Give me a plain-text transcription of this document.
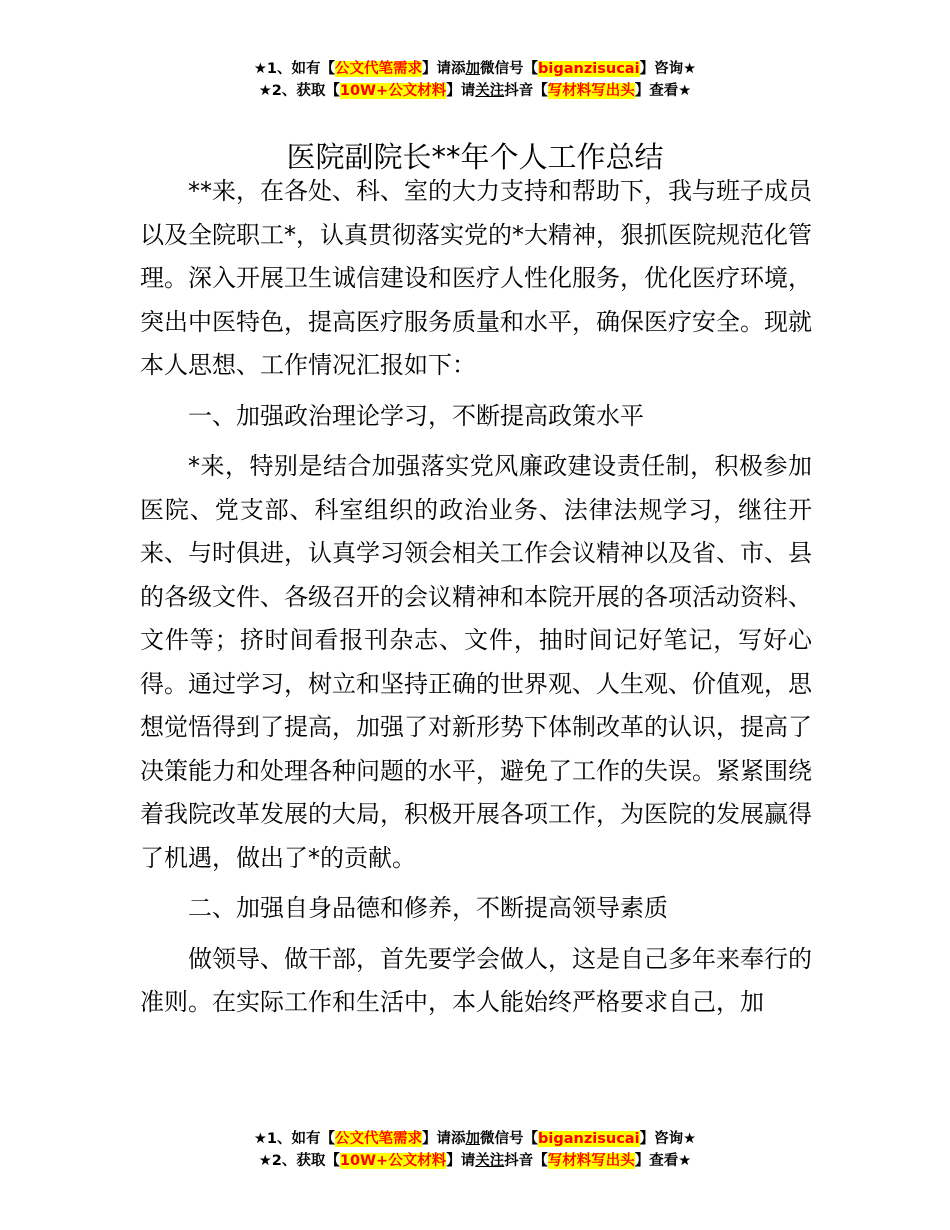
★1、如有【公文代笔需求】请添加微信号【biganzisucai】咨询★
★2、获取【10W+公文材料】请关注抖音【写材料写出头】查看★
医院副院长**年个人工作总结

**来，在各处、科、室的大力支持和帮助下，我与班子成员以及全院职工*，认真贯彻落实党的*大精神，狠抓医院规范化管理。深入开展卫生诚信建设和医疗人性化服务，优化医疗环境，突出中医特色，提高医疗服务质量和水平，确保医疗安全。现就本人思想、工作情况汇报如下：

一、加强政治理论学习，不断提高政策水平

*来，特别是结合加强落实党风廉政建设责任制，积极参加医院、党支部、科室组织的政治业务、法律法规学习，继往开来、与时俱进，认真学习领会相关工作会议精神以及省、市、县的各级文件、各级召开的会议精神和本院开展的各项活动资料、文件等；挤时间看报刊杂志、文件，抽时间记好笔记，写好心得。通过学习，树立和坚持正确的世界观、人生观、价值观，思想觉悟得到了提高，加强了对新形势下体制改革的认识，提高了决策能力和处理各种问题的水平，避免了工作的失误。紧紧围绕着我院改革发展的大局，积极开展各项工作，为医院的发展赢得了机遇，做出了*的贡献。

二、加强自身品德和修养，不断提高领导素质

做领导、做干部，首先要学会做人，这是自己多年来奉行的准则。在实际工作和生活中，本人能始终严格要求自己，加

★1、如有【公文代笔需求】请添加微信号【biganzisucai】咨询★
★2、获取【10W+公文材料】请关注抖音【写材料写出头】查看★
